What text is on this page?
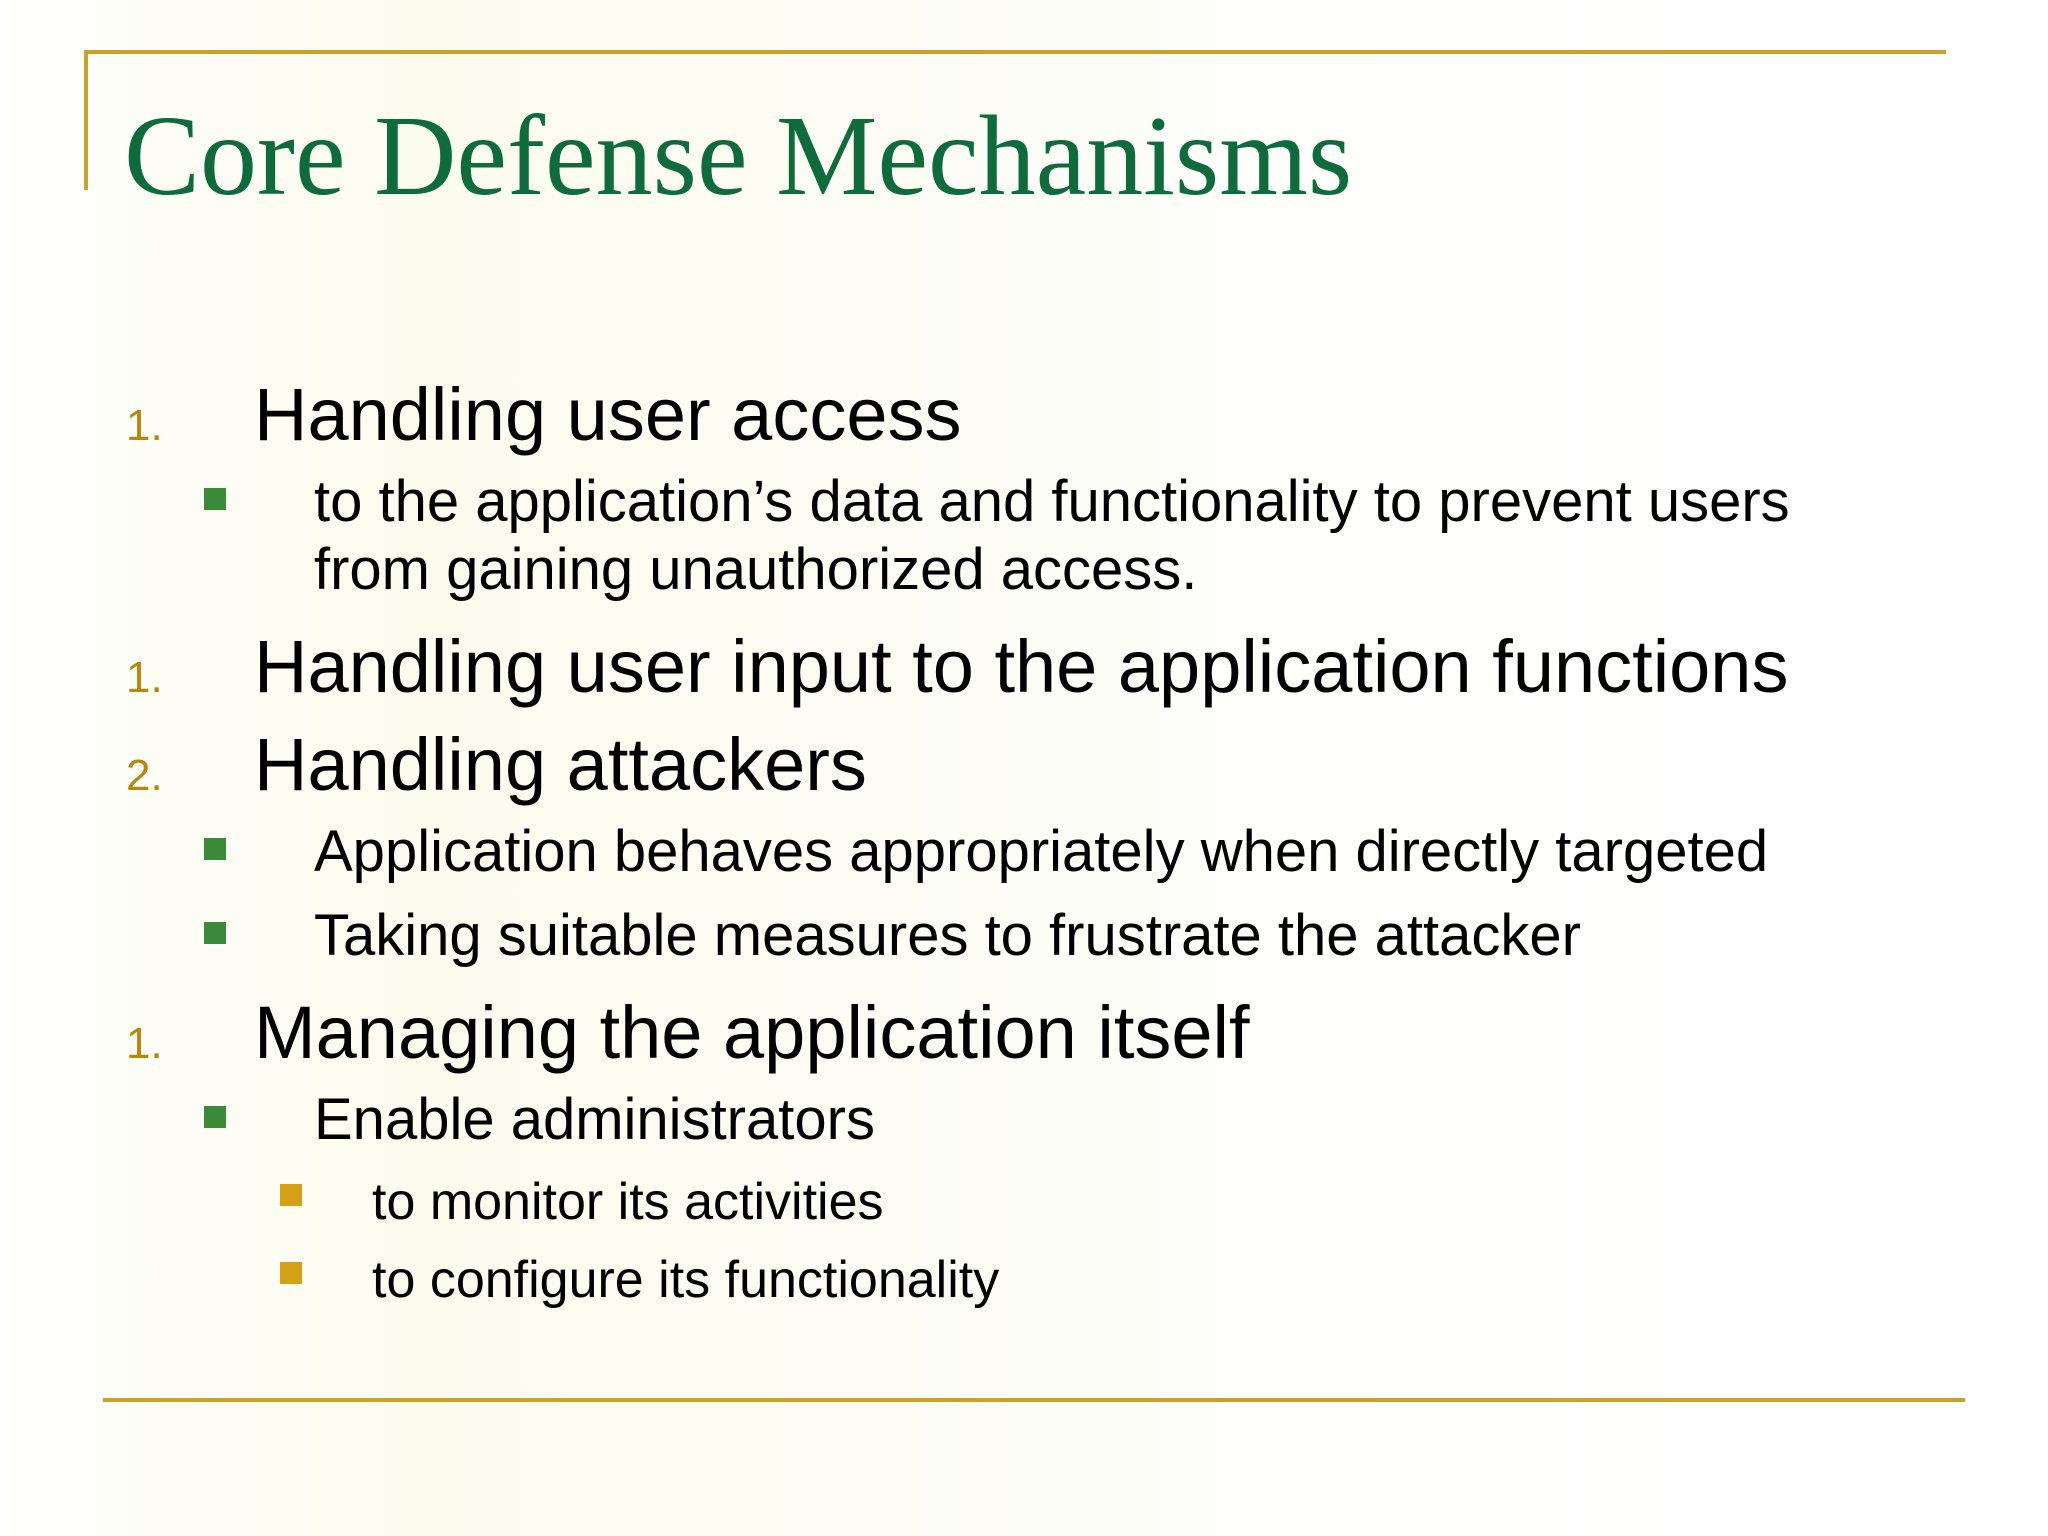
Core Defense Mechanisms
1. Handling user access
to the application’s data and functionality to prevent users
from gaining unauthorized access.
1. Handling user input to the application functions
2. Handling attackers
Application behaves appropriately when directly targeted
Taking suitable measures to frustrate the attacker
1. Managing the application itself
Enable administrators
to monitor its activities
to configure its functionality
